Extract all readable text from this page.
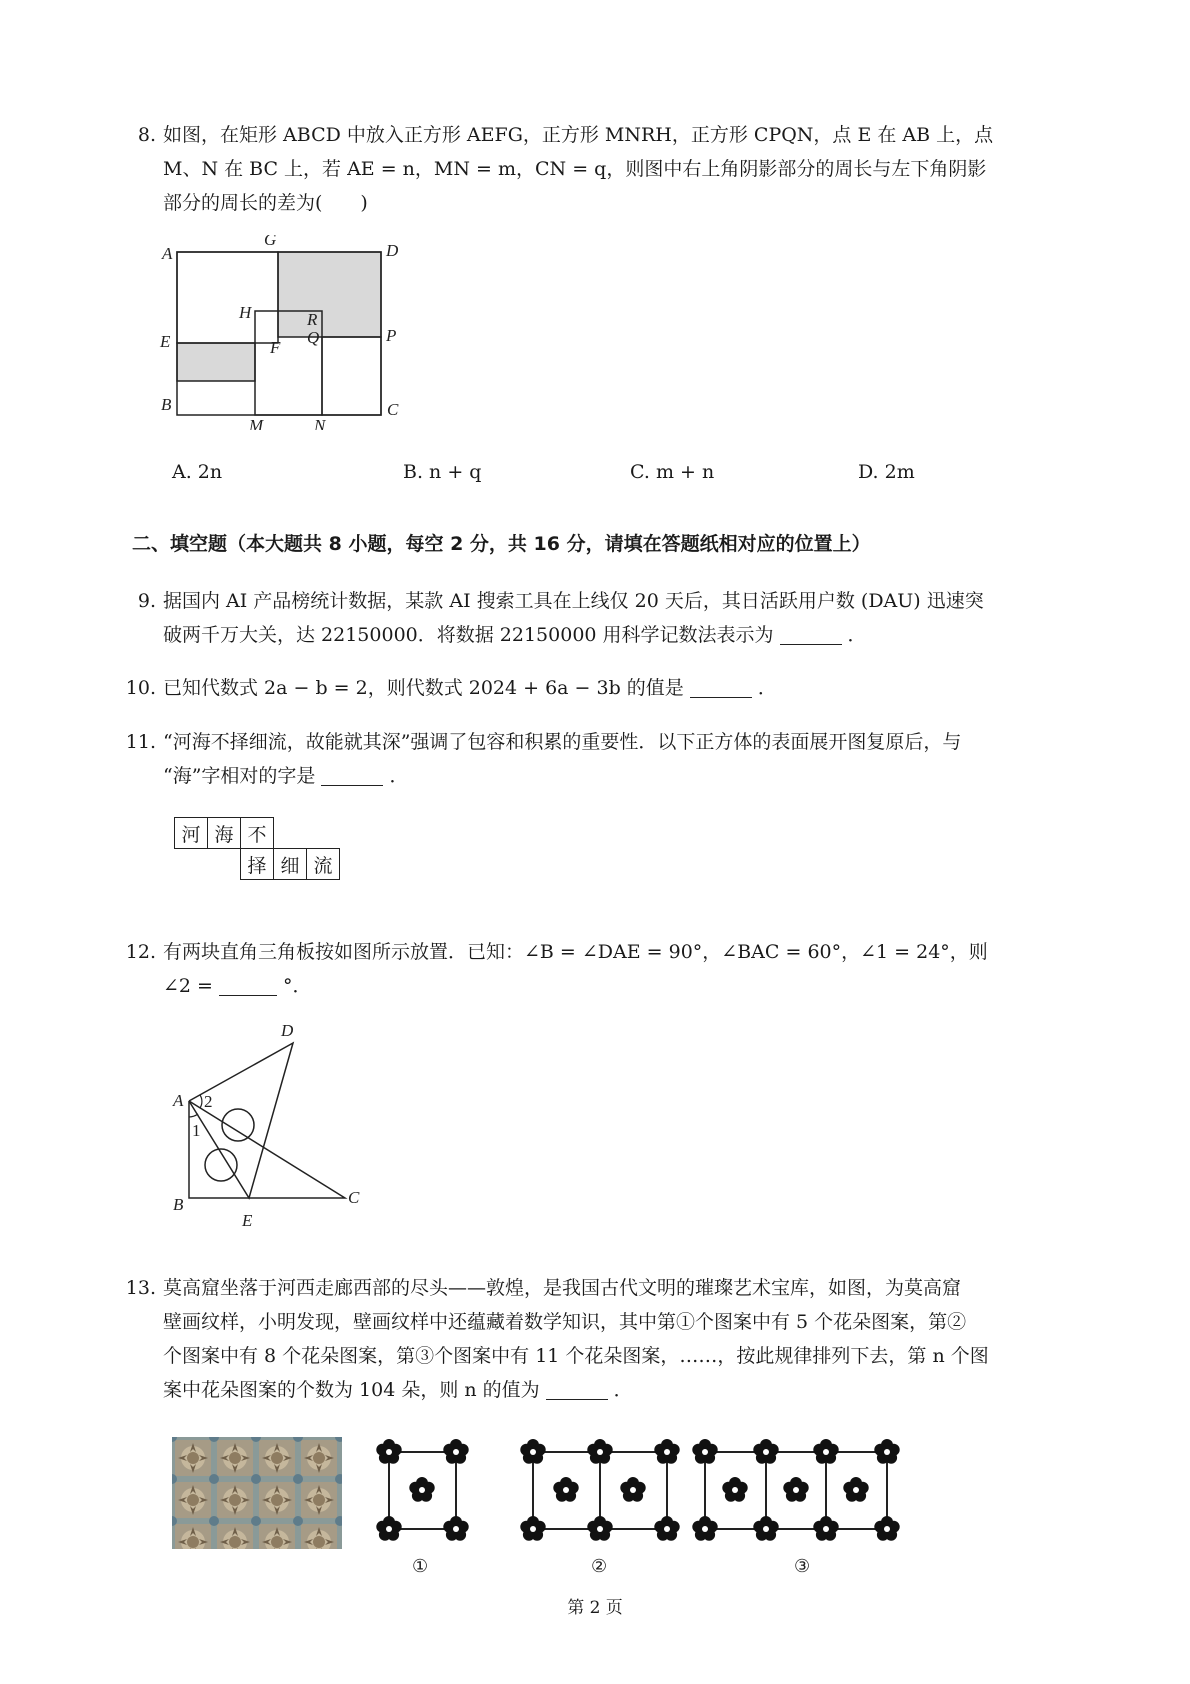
8. 如图，在矩形 ABCD 中放入正方形 AEFG，正方形 MNRH，正方形 CPQN，点 E 在 AB 上，点
M、N 在 BC 上，若 AE = n，MN = m，CN = q，则图中右上角阴影部分的周长与左下角阴影
部分的周长的差为(　　)
A
G
D
H	R
Q	P
E	F
B
M	N
C
A. 2n	B. n + q	C. m + n	D. 2m
二、填空题（本大题共 8 小题，每空 2 分，共 16 分，请填在答题纸相对应的位置上）
9. 据国内 AI 产品榜统计数据，某款 AI 搜索工具在上线仅 20 天后，其日活跃用户数 (DAU) 迅速突
破两千万大关，达 22150000．将数据 22150000 用科学记数法表示为	．
10. 已知代数式 2a − b = 2，则代数式 2024 + 6a − 3b 的值是	．
11. “河海不择细流，故能就其深”强调了包容和积累的重要性．以下正方体的表面展开图复原后，与
“海”字相对的字是	．
河	海	不		
		择	细	流
12. 有两块直角三角板按如图所示放置．已知：∠B = ∠DAE = 90°，∠BAC = 60°，∠1 = 24°，则
∠2 =	°．
D
A 2
1
B
E
C
13. 莫高窟坐落于河西走廊西部的尽头——敦煌，是我国古代文明的璀璨艺术宝库，如图，为莫高窟
壁画纹样，小明发现，壁画纹样中还蕴藏着数学知识，其中第①个图案中有 5 个花朵图案，第②
个图案中有 8 个花朵图案，第③个图案中有 11 个花朵图案，……，按此规律排列下去，第 n 个图
案中花朵图案的个数为 104 朵，则 n 的值为	．
①	②	③
第 2 页
